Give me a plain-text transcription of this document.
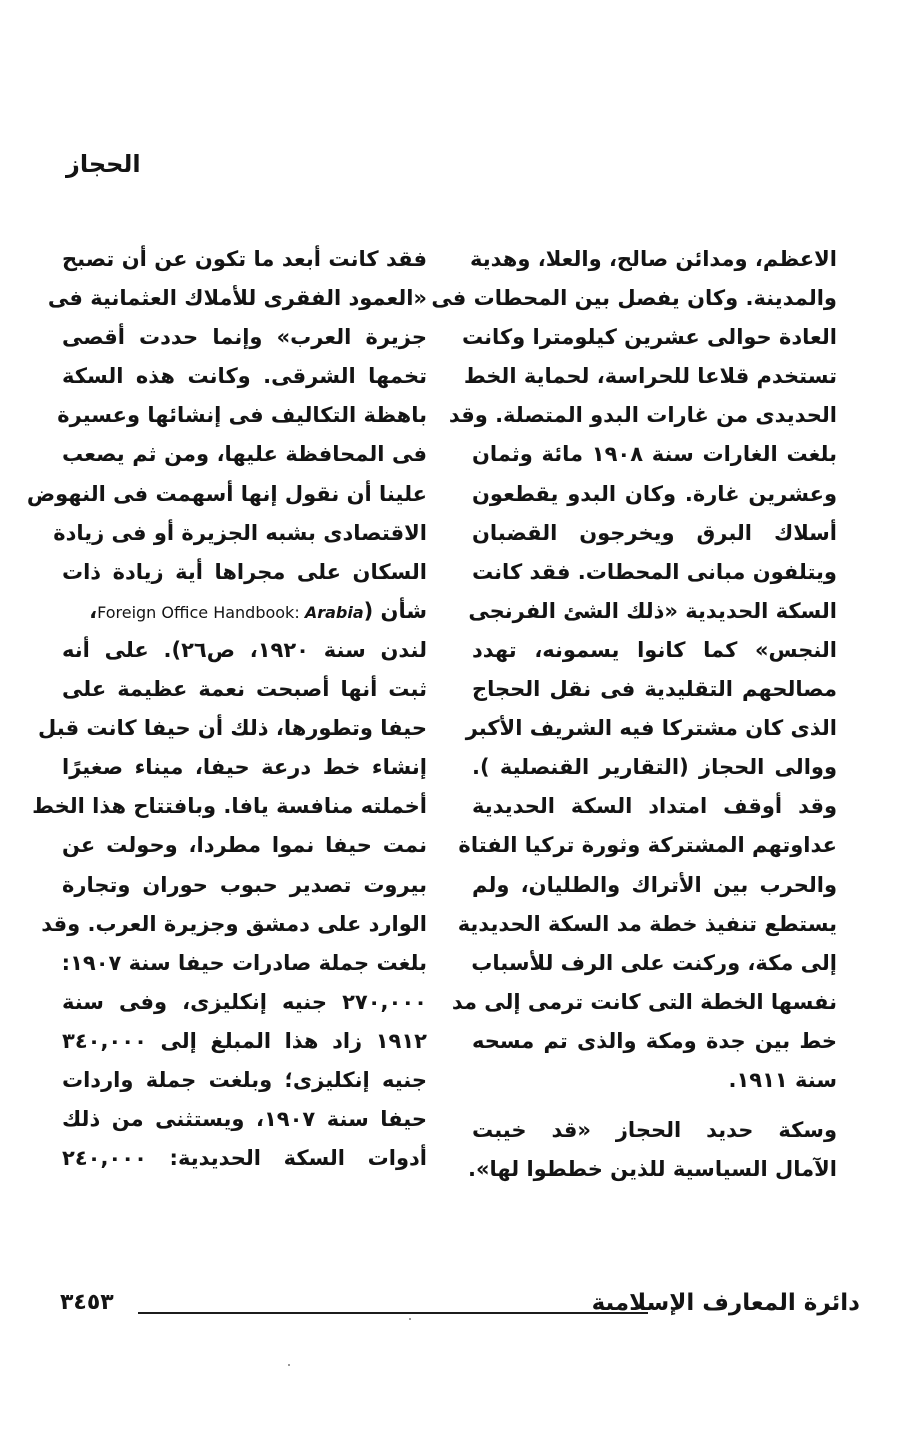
الحجاز
الاعظم، ومدائن صالح، والعلا، وهدية
والمدينة. وكان يفصل بين المحطات فى
العادة حوالى عشرين كيلومترا وكانت
تستخدم قلاعا للحراسة، لحماية الخط
الحديدى من غارات البدو المتصلة. وقد
بلغت الغارات سنة ١٩٠٨ مائة وثمان
وعشرين غارة. وكان البدو يقطعون
أسلاك البرق ويخرجون القضبان
ويتلفون مبانى المحطات. فقد كانت
السكة الحديدية «ذلك الشئ الفرنجى
النجس» كما كانوا يسمونه، تهدد
مصالحهم التقليدية فى نقل الحجاج
الذى كان مشتركا فيه الشريف الأكبر
ووالى الحجاز (التقارير القنصلية ).
وقد أوقف امتداد السكة الحديدية
عداوتهم المشتركة وثورة تركيا الفتاة
والحرب بين الأتراك والطليان، ولم
يستطع تنفيذ خطة مد السكة الحديدية
إلى مكة، وركنت على الرف للأسباب
نفسها الخطة التى كانت ترمى إلى مد
خط بين جدة ومكة والذى تم مسحه
سنة ١٩١١.
وسكة حديد الحجاز «قد خيبت
الآمال السياسية للذين خططوا لها».
فقد كانت أبعد ما تكون عن أن تصبح
«العمود الفقرى للأملاك العثمانية فى
جزيرة العرب» وإنما حددت أقصى
تخمها الشرقى. وكانت هذه السكة
باهظة التكاليف فى إنشائها وعسيرة
فى المحافظة عليها، ومن ثم يصعب
علينا أن نقول إنها أسهمت فى النهوض
الاقتصادى بشبه الجزيرة أو فى زيادة
السكان على مجراها أية زيادة ذات
شأن (Foreign Office Handbook: Arabia،
لندن سنة ١٩٢٠، ص٢٦). على أنه
ثبت أنها أصبحت نعمة عظيمة على
حيفا وتطورها، ذلك أن حيفا كانت قبل
إنشاء خط درعة حيفا، ميناء صغيرًا
أخملته منافسة يافا. وبافتتاح هذا الخط
نمت حيفا نموا مطردا، وحولت عن
بيروت تصدير حبوب حوران وتجارة
الوارد على دمشق وجزيرة العرب. وقد
بلغت جملة صادرات حيفا سنة ١٩٠٧:
٢٧٠,٠٠٠ جنيه إنكليزى، وفى سنة
١٩١٢ زاد هذا المبلغ إلى ٣٤٠,٠٠٠
جنيه إنكليزى؛ وبلغت جملة واردات
حيفا سنة ١٩٠٧، ويستثنى من ذلك
أدوات السكة الحديدية: ٢٤٠,٠٠٠
دائرة المعارف الإسلامية
٣٤٥٣
